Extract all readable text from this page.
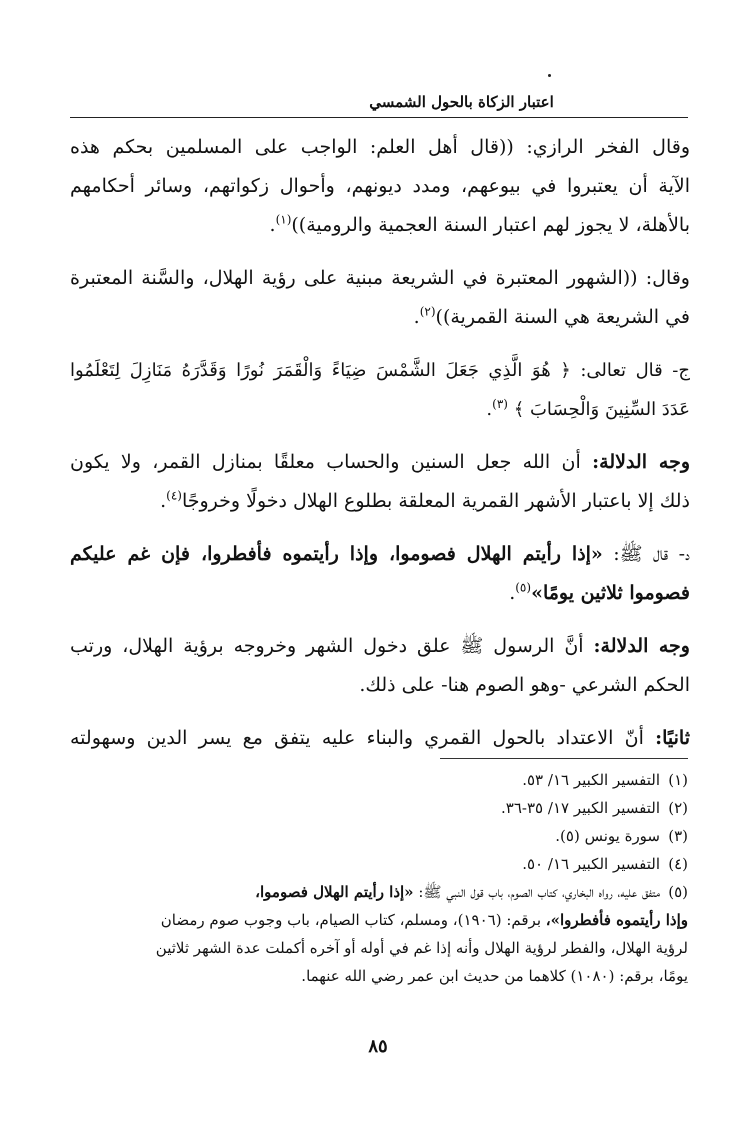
اعتبار الزكاة بالحول الشمسي
وقال الفخر الرازي: ((قال أهل العلم: الواجب على المسلمين بحكم هذه
الآية أن يعتبروا في بيوعهم، ومدد ديونهم، وأحوال زكواتهم، وسائر أحكامهم
بالأهلة، لا يجوز لهم اعتبار السنة العجمية والرومية))$^{(١)}$.
وقال: ((الشهور المعتبرة في الشريعة مبنية على رؤية الهلال، والسَّنة المعتبرة
في الشريعة هي السنة القمرية))$^{(٢)}$.
ج- قال تعالى: ﴿ هُوَ الَّذِي جَعَلَ الشَّمْسَ ضِيَاءً وَالْقَمَرَ نُورًا وَقَدَّرَهُ مَنَازِلَ لِتَعْلَمُوا
عَدَدَ السِّنِينَ وَالْحِسَابَ ﴾ $^{(٣)}$.
وجه الدلالة: أن الله جعل السنين والحساب معلقًا بمنازل القمر، ولا يكون
ذلك إلا باعتبار الأشهر القمرية المعلقة بطلوع الهلال دخولًا وخروجًا$^{(٤)}$.
د- قال ﷺ: «إذا رأيتم الهلال فصوموا، وإذا رأيتموه فأفطروا، فإن غم عليكم
فصوموا ثلاثين يومًا»$^{(٥)}$.
وجه الدلالة: أنَّ الرسول ﷺ علق دخول الشهر وخروجه برؤية الهلال، ورتب
الحكم الشرعي -وهو الصوم هنا- على ذلك.
ثانيًا: أنّ الاعتداد بالحول القمري والبناء عليه يتفق مع يسر الدين وسهولته
(١)التفسير الكبير ١٦/ ٥٣.
(٢)التفسير الكبير ١٧/ ٣٥-٣٦.
(٣)سورة يونس (٥).
(٤)التفسير الكبير ١٦/ ٥٠.
(٥)متفق عليه، رواه البخاري، كتاب الصوم، باب قول النبي ﷺ: «إذا رأيتم الهلال فصوموا،
وإذا رأيتموه فأفطروا»، برقم: (١٩٠٦)، ومسلم، كتاب الصيام، باب وجوب صوم رمضان
لرؤية الهلال، والفطر لرؤية الهلال وأنه إذا غم في أوله أو آخره أكملت عدة الشهر ثلاثين
يومًا، برقم: (١٠٨٠) كلاهما من حديث ابن عمر رضي الله عنهما.
٨٥
